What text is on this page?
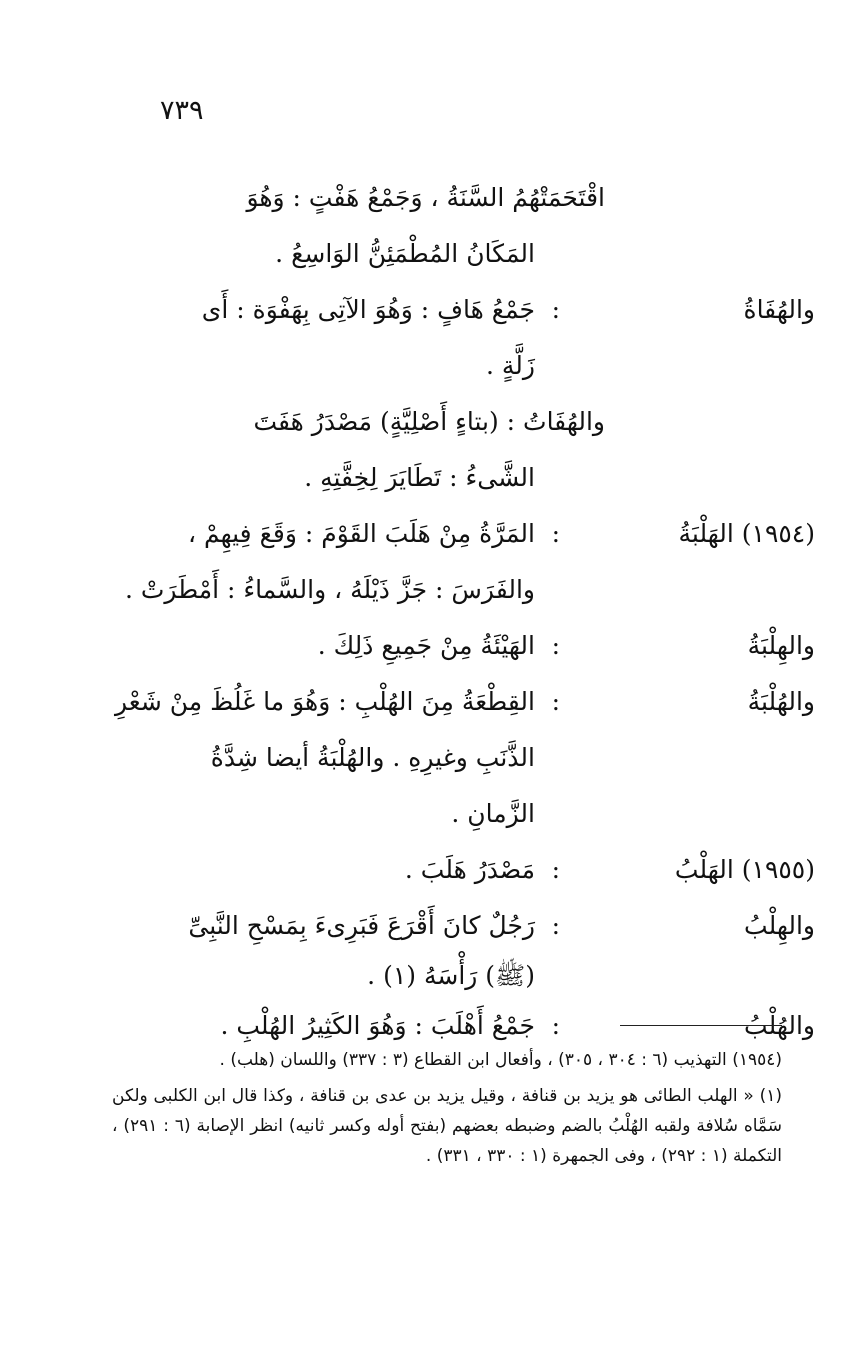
٧٣٩
اقْتَحَمَتْهُمُ السَّنَةُ ، وَجَمْعُ هَفْتٍ : وَهُوَ
المَكَانُ المُطْمَئِنُّ الوَاسِعُ .
والهُفَاةُ
:
جَمْعُ هَافٍ : وَهُوَ الآتِى بِهَفْوَة : أَى
زَلَّةٍ .
والهُفَاتُ : (بتاءٍ أَصْلِيَّةٍ) مَصْدَرُ هَفَتَ
الشَّىءُ : تَطَايَرَ لِخِفَّتِهِ .
(١٩٥٤) الهَلْبَةُ
:
المَرَّةُ مِنْ هَلَبَ القَوْمَ : وَقَعَ فِيهِمْ ،
والفَرَسَ : جَزَّ ذَيْلَهُ ، والسَّماءُ : أَمْطَرَتْ .
والهِلْبَةُ
:
الهَيْئَةُ مِنْ جَمِيعِ ذَلِكَ .
والهُلْبَةُ
:
القِطْعَةُ مِنَ الهُلْبِ : وَهُوَ ما غَلُظَ مِنْ شَعْرِ
الذَّنَبِ وغيرِهِ . والهُلْبَةُ أيضا شِدَّةُ
الزَّمانِ .
(١٩٥٥) الهَلْبُ
:
مَصْدَرُ هَلَبَ .
والهِلْبُ
:
رَجُلٌ كانَ أَقْرَعَ فَبَرِىءَ بِمَسْحِ النَّبِىِّ
(ﷺ) رَأْسَهُ (١) .
والهُلْبُ
:
جَمْعُ أَهْلَبَ : وَهُوَ الكَثِيرُ الهُلْبِ .

(١٩٥٤) التهذيب (٦ : ٣٠٤ ، ٣٠٥) ، وأفعال ابن القطاع (٣ : ٣٣٧) واللسان (هلب) .

(١) « الهلب الطائى هو يزيد بن قنافة ، وقيل يزيد بن عدى بن قنافة ، وكذا قال ابن الكلبى ولكن سَمَّاه سُلافة ولقبه الهُلْبُ بالضم وضبطه بعضهم (بفتح أوله وكسر ثانيه) انظر الإصابة (٦ : ٢٩١) ، التكملة (١ : ٢٩٢) ، وفى الجمهرة (١ : ٣٣٠ ، ٣٣١) .
